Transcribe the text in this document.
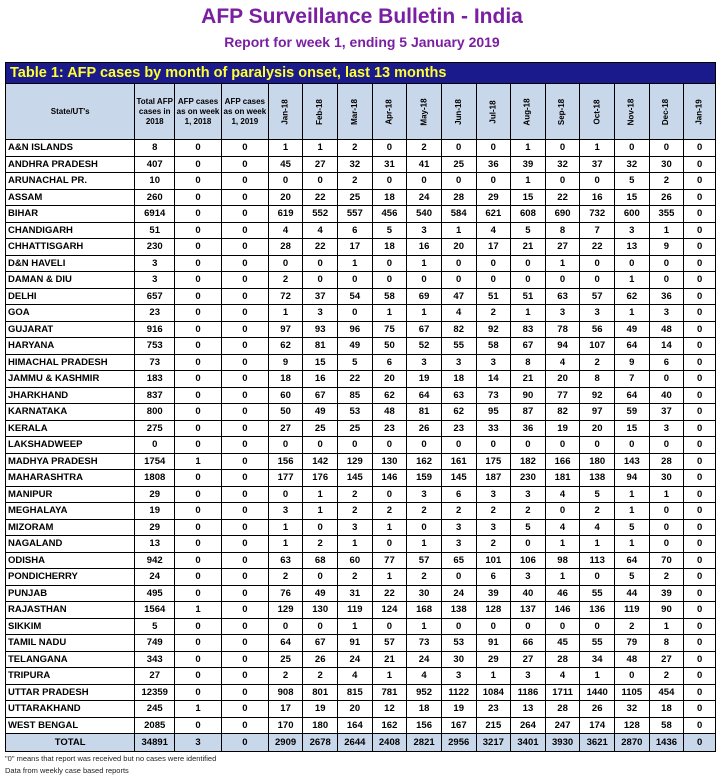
AFP Surveillance Bulletin - India
Report for week 1, ending 5 January 2019
Table 1: AFP cases by month of paralysis onset, last 13 months
State/UT's	Total AFP cases in 2018	AFP cases as on week 1, 2018	AFP cases as on week 1, 2019	Jan-18	Feb-18	Mar-18	Apr-18	May-18	Jun-18	Jul-18	Aug-18	Sep-18	Oct-18	Nov-18	Dec-18	Jan-19
A&N ISLANDS	8	0	0	1	1	2	0	2	0	0	1	0	1	0	0	0
ANDHRA PRADESH	407	0	0	45	27	32	31	41	25	36	39	32	37	32	30	0
ARUNACHAL PR.	10	0	0	0	0	2	0	0	0	0	1	0	0	5	2	0
ASSAM	260	0	0	20	22	25	18	24	28	29	15	22	16	15	26	0
BIHAR	6914	0	0	619	552	557	456	540	584	621	608	690	732	600	355	0
CHANDIGARH	51	0	0	4	4	6	5	3	1	4	5	8	7	3	1	0
CHHATTISGARH	230	0	0	28	22	17	18	16	20	17	21	27	22	13	9	0
D&N HAVELI	3	0	0	0	0	1	0	1	0	0	0	1	0	0	0	0
DAMAN & DIU	3	0	0	2	0	0	0	0	0	0	0	0	0	1	0	0
DELHI	657	0	0	72	37	54	58	69	47	51	51	63	57	62	36	0
GOA	23	0	0	1	3	0	1	1	4	2	1	3	3	1	3	0
GUJARAT	916	0	0	97	93	96	75	67	82	92	83	78	56	49	48	0
HARYANA	753	0	0	62	81	49	50	52	55	58	67	94	107	64	14	0
HIMACHAL PRADESH	73	0	0	9	15	5	6	3	3	3	8	4	2	9	6	0
JAMMU & KASHMIR	183	0	0	18	16	22	20	19	18	14	21	20	8	7	0	0
JHARKHAND	837	0	0	60	67	85	62	64	63	73	90	77	92	64	40	0
KARNATAKA	800	0	0	50	49	53	48	81	62	95	87	82	97	59	37	0
KERALA	275	0	0	27	25	25	23	26	23	33	36	19	20	15	3	0
LAKSHADWEEP	0	0	0	0	0	0	0	0	0	0	0	0	0	0	0	0
MADHYA PRADESH	1754	1	0	156	142	129	130	162	161	175	182	166	180	143	28	0
MAHARASHTRA	1808	0	0	177	176	145	146	159	145	187	230	181	138	94	30	0
MANIPUR	29	0	0	0	1	2	0	3	6	3	3	4	5	1	1	0
MEGHALAYA	19	0	0	3	1	2	2	2	2	2	2	0	2	1	0	0
MIZORAM	29	0	0	1	0	3	1	0	3	3	5	4	4	5	0	0
NAGALAND	13	0	0	1	2	1	0	1	3	2	0	1	1	1	0	0
ODISHA	942	0	0	63	68	60	77	57	65	101	106	98	113	64	70	0
PONDICHERRY	24	0	0	2	0	2	1	2	0	6	3	1	0	5	2	0
PUNJAB	495	0	0	76	49	31	22	30	24	39	40	46	55	44	39	0
RAJASTHAN	1564	1	0	129	130	119	124	168	138	128	137	146	136	119	90	0
SIKKIM	5	0	0	0	0	1	0	1	0	0	0	0	0	2	1	0
TAMIL NADU	749	0	0	64	67	91	57	73	53	91	66	45	55	79	8	0
TELANGANA	343	0	0	25	26	24	21	24	30	29	27	28	34	48	27	0
TRIPURA	27	0	0	2	2	4	1	4	3	1	3	4	1	0	2	0
UTTAR PRADESH	12359	0	0	908	801	815	781	952	1122	1084	1186	1711	1440	1105	454	0
UTTARAKHAND	245	1	0	17	19	20	12	18	19	23	13	28	26	32	18	0
WEST BENGAL	2085	0	0	170	180	164	162	156	167	215	264	247	174	128	58	0
TOTAL	34891	3	0	2909	2678	2644	2408	2821	2956	3217	3401	3930	3621	2870	1436	0
"0" means that report was received but no cases were identified
Data from weekly case based reports
